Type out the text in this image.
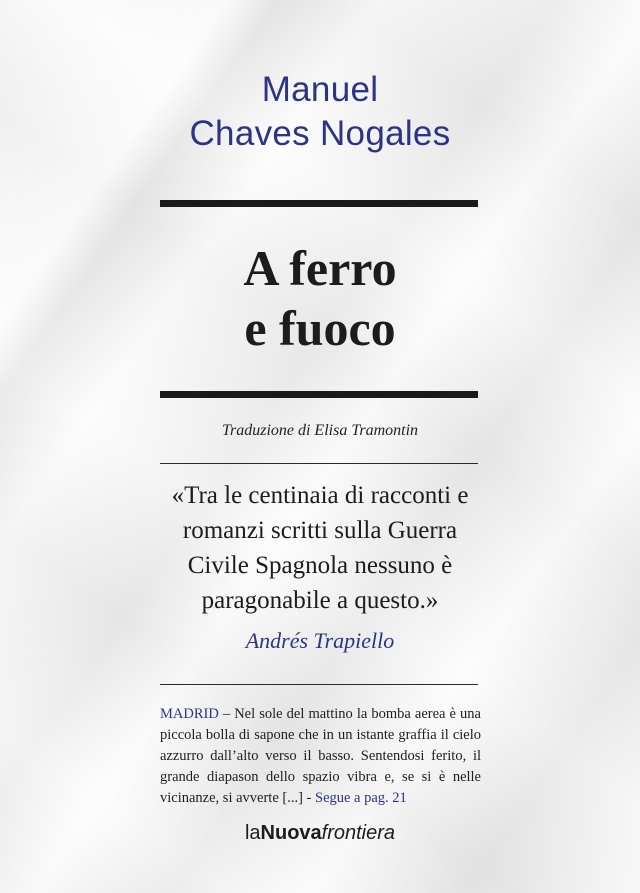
Manuel
Chaves Nogales
A ferro
e fuoco
Traduzione di Elisa Tramontin
«Tra le centinaia di racconti e
romanzi scritti sulla Guerra
Civile Spagnola nessuno è
paragonabile a questo.»
Andrés Trapiello
MADRID – Nel sole del mattino la bomba aerea è una piccola bolla di sapone che in un istante graffia il cielo azzurro dall’alto verso il basso. Sentendosi ferito, il grande diapason dello spazio vibra e, se si è nelle vicinanze, si avverte [...] - Segue a pag. 21
laNuovafrontiera
